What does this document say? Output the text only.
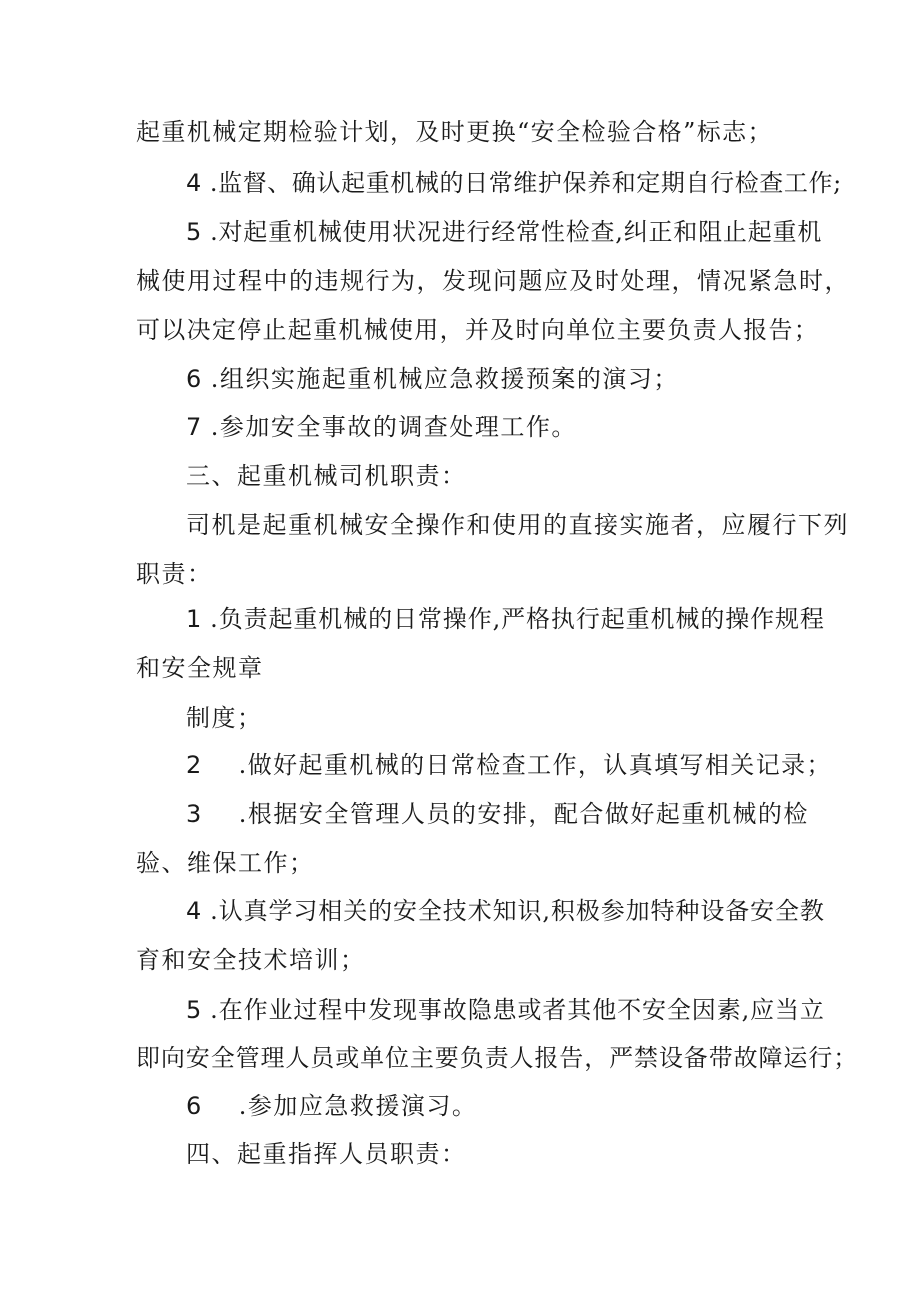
起重机械定期检验计划，及时更换“安全检验合格”标志；
4 .监督、确认起重机械的日常维护保养和定期自行检查工作;
5 .对起重机械使用状况进行经常性检查,纠正和阻止起重机
械使用过程中的违规行为，发现问题应及时处理，情况紧急时，
可以决定停止起重机械使用，并及时向单位主要负责人报告；
6 .组织实施起重机械应急救援预案的演习；
7 .参加安全事故的调查处理工作。
三、起重机械司机职责：
司机是起重机械安全操作和使用的直接实施者，应履行下列
职责：
1 .负责起重机械的日常操作,严格执行起重机械的操作规程
和安全规章
制度；
2 .做好起重机械的日常检查工作，认真填写相关记录；
3 .根据安全管理人员的安排，配合做好起重机械的检
验、维保工作；
4 .认真学习相关的安全技术知识,积极参加特种设备安全教
育和安全技术培训；
5 .在作业过程中发现事故隐患或者其他不安全因素,应当立
即向安全管理人员或单位主要负责人报告，严禁设备带故障运行；
6 .参加应急救援演习。
四、起重指挥人员职责：
